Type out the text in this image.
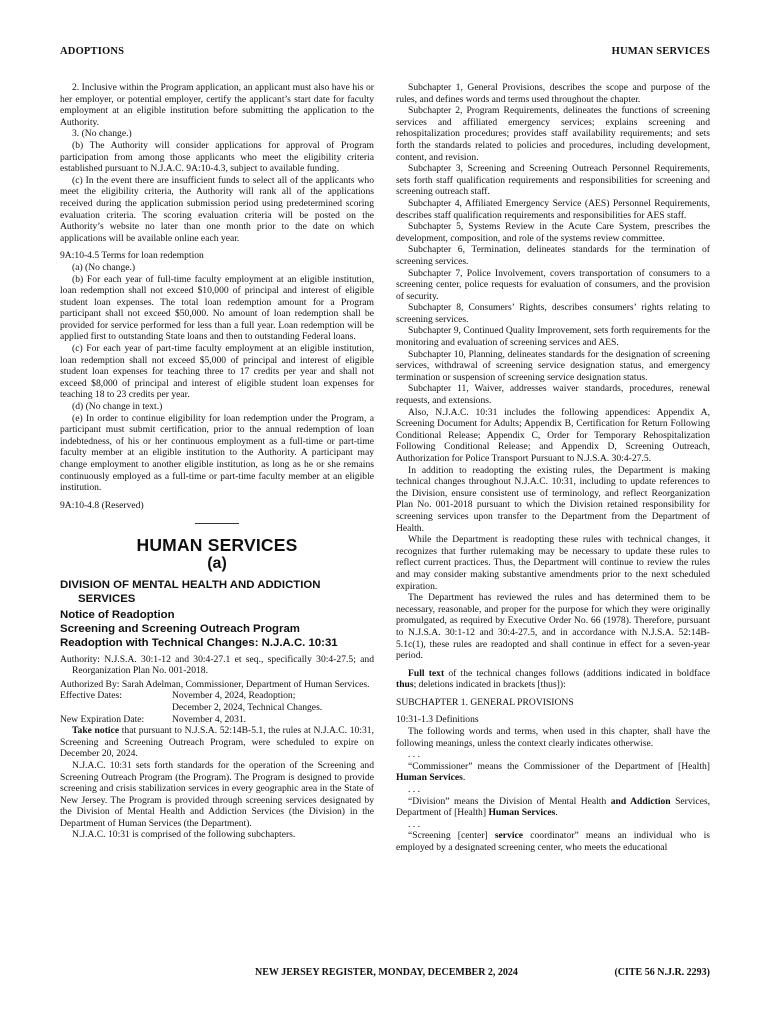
ADOPTIONS	HUMAN SERVICES

2. Inclusive within the Program application, an applicant must also have his or her employer, or potential employer, certify the applicant’s start date for faculty employment at an eligible institution before submitting the application to the Authority.

3. (No change.)

(b) The Authority will consider applications for approval of Program participation from among those applicants who meet the eligibility criteria established pursuant to N.J.A.C. 9A:10-4.3, subject to available funding.

(c) In the event there are insufficient funds to select all of the applicants who meet the eligibility criteria, the Authority will rank all of the applications received during the application submission period using predetermined scoring evaluation criteria. The scoring evaluation criteria will be posted on the Authority’s website no later than one month prior to the date on which applications will be available online each year.

9A:10-4.5 Terms for loan redemption

(a) (No change.)

(b) For each year of full-time faculty employment at an eligible institution, loan redemption shall not exceed $10,000 of principal and interest of eligible student loan expenses. The total loan redemption amount for a Program participant shall not exceed $50,000. No amount of loan redemption shall be provided for service performed for less than a full year. Loan redemption will be applied first to outstanding State loans and then to outstanding Federal loans.

(c) For each year of part-time faculty employment at an eligible institution, loan redemption shall not exceed $5,000 of principal and interest of eligible student loan expenses for teaching three to 17 credits per year and shall not exceed $8,000 of principal and interest of eligible student loan expenses for teaching 18 to 23 credits per year.

(d) (No change in text.)

(e) In order to continue eligibility for loan redemption under the Program, a participant must submit certification, prior to the annual redemption of loan indebtedness, of his or her continuous employment as a full-time or part-time faculty member at an eligible institution to the Authority. A participant may change employment to another eligible institution, as long as he or she remains continuously employed as a full-time or part-time faculty member at an eligible institution.

9A:10-4.8 (Reserved)

HUMAN SERVICES
(a)
DIVISION OF MENTAL HEALTH AND ADDICTION
SERVICES
Notice of Readoption
Screening and Screening Outreach Program
Readoption with Technical Changes: N.J.A.C. 10:31

Authority: N.J.S.A. 30:1-12 and 30:4-27.1 et seq., specifically 30:4-27.5; and Reorganization Plan No. 001-2018.

Authorized By: Sarah Adelman, Commissioner, Department of Human Services.

Effective Dates:	November 4, 2024, Readoption;
December 2, 2024, Technical Changes.
New Expiration Date:	November 4, 2031.

Take notice that pursuant to N.J.S.A. 52:14B-5.1, the rules at N.J.A.C. 10:31, Screening and Screening Outreach Program, were scheduled to expire on December 20, 2024.

N.J.A.C. 10:31 sets forth standards for the operation of the Screening and Screening Outreach Program (the Program). The Program is designed to provide screening and crisis stabilization services in every geographic area in the State of New Jersey. The Program is provided through screening services designated by the Division of Mental Health and Addiction Services (the Division) in the Department of Human Services (the Department).

N.J.A.C. 10:31 is comprised of the following subchapters.

Subchapter 1, General Provisions, describes the scope and purpose of the rules, and defines words and terms used throughout the chapter.

Subchapter 2, Program Requirements, delineates the functions of screening services and affiliated emergency services; explains screening and rehospitalization procedures; provides staff availability requirements; and sets forth the standards related to policies and procedures, including development, content, and revision.

Subchapter 3, Screening and Screening Outreach Personnel Requirements, sets forth staff qualification requirements and responsibilities for screening and screening outreach staff.

Subchapter 4, Affiliated Emergency Service (AES) Personnel Requirements, describes staff qualification requirements and responsibilities for AES staff.

Subchapter 5, Systems Review in the Acute Care System, prescribes the development, composition, and role of the systems review committee.

Subchapter 6, Termination, delineates standards for the termination of screening services.

Subchapter 7, Police Involvement, covers transportation of consumers to a screening center, police requests for evaluation of consumers, and the provision of security.

Subchapter 8, Consumers’ Rights, describes consumers’ rights relating to screening services.

Subchapter 9, Continued Quality Improvement, sets forth requirements for the monitoring and evaluation of screening services and AES.

Subchapter 10, Planning, delineates standards for the designation of screening services, withdrawal of screening service designation status, and emergency termination or suspension of screening service designation status.

Subchapter 11, Waiver, addresses waiver standards, procedures, renewal requests, and extensions.

Also, N.J.A.C. 10:31 includes the following appendices: Appendix A, Screening Document for Adults; Appendix B, Certification for Return Following Conditional Release; Appendix C, Order for Temporary Rehospitalization Following Conditional Release; and Appendix D, Screening Outreach, Authorization for Police Transport Pursuant to N.J.S.A. 30:4-27.5.

In addition to readopting the existing rules, the Department is making technical changes throughout N.J.A.C. 10:31, including to update references to the Division, ensure consistent use of terminology, and reflect Reorganization Plan No. 001-2018 pursuant to which the Division retained responsibility for screening services upon transfer to the Department from the Department of Health.

While the Department is readopting these rules with technical changes, it recognizes that further rulemaking may be necessary to update these rules to reflect current practices. Thus, the Department will continue to review the rules and may consider making substantive amendments prior to the next scheduled expiration.

The Department has reviewed the rules and has determined them to be necessary, reasonable, and proper for the purpose for which they were originally promulgated, as required by Executive Order No. 66 (1978). Therefore, pursuant to N.J.S.A. 30:1-12 and 30:4-27.5, and in accordance with N.J.S.A. 52:14B-5.1c(1), these rules are readopted and shall continue in effect for a seven-year period.

Full text of the technical changes follows (additions indicated in boldface thus; deletions indicated in brackets [thus]):

SUBCHAPTER 1. GENERAL PROVISIONS

10:31-1.3 Definitions

The following words and terms, when used in this chapter, shall have the following meanings, unless the context clearly indicates otherwise.

. . .

“Commissioner” means the Commissioner of the Department of [Health] Human Services.

. . .

“Division” means the Division of Mental Health and Addiction Services, Department of [Health] Human Services.

. . .

“Screening [center] service coordinator” means an individual who is employed by a designated screening center, who meets the educational

NEW JERSEY REGISTER, MONDAY, DECEMBER 2, 2024	(CITE 56 N.J.R. 2293)
